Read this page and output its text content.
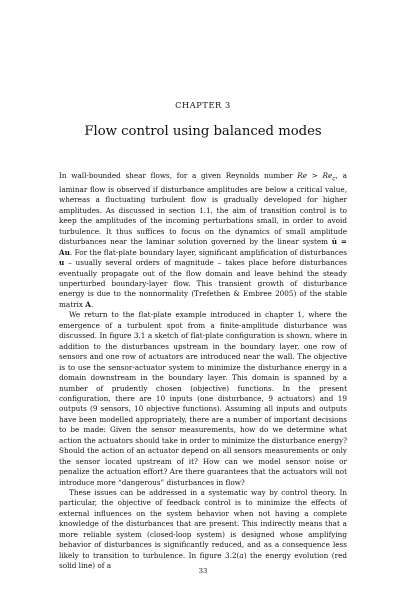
CHAPTER 3
Flow control using balanced modes

In wall-bounded shear flows, for a given Reynolds number $Re > Re_c$, a laminar flow is observed if disturbance amplitudes are below a critical value, whereas a fluctuating turbulent flow is gradually developed for higher amplitudes. As discussed in section 1.1, the aim of transition control is to keep the amplitudes of the incoming perturbations small, in order to avoid turbulence. It thus suffices to focus on the dynamics of small amplitude disturbances near the laminar solution governed by the linear system u̇ = Au. For the flat-plate boundary layer, significant amplification of disturbances u – usually several orders of magnitude – takes place before disturbances eventually propagate out of the flow domain and leave behind the steady unperturbed boundary-layer flow. This transient growth of disturbance energy is due to the nonnormality (Trefethen & Embree 2005) of the stable matrix A.

We return to the flat-plate example introduced in chapter 1, where the emergence of a turbulent spot from a finite-amplitude disturbance was discussed. In figure 3.1 a sketch of flat-plate configuration is shown, where in addition to the disturbances upstream in the boundary layer, one row of sensors and one row of actuators are introduced near the wall. The objective is to use the sensor-actuator system to minimize the disturbance energy in a domain downstream in the boundary layer. This domain is spanned by a number of prudently chosen (objective) functions. In the present configuration, there are 10 inputs (one disturbance, 9 actuators) and 19 outputs (9 sensors, 10 objective functions). Assuming all inputs and outputs have been modelled appropriately, there are a number of important decisions to be made: Given the sensor measurements, how do we determine what action the actuators should take in order to minimize the disturbance energy? Should the action of an actuator depend on all sensors measurements or only the sensor located upstream of it? How can we model sensor noise or penalize the actuation effort? Are there guarantees that the actuators will not introduce more “dangerous” disturbances in flow?

These issues can be addressed in a systematic way by control theory. In particular, the objective of feedback control is to minimize the effects of external influences on the system behavior when not having a complete knowledge of the disturbances that are present. This indirectly means that a more reliable system (closed-loop system) is designed whose amplifying behavior of disturbances is significantly reduced, and as a consequence less likely to transition to turbulence. In figure 3.2(a) the energy evolution (red solid line) of a

33
